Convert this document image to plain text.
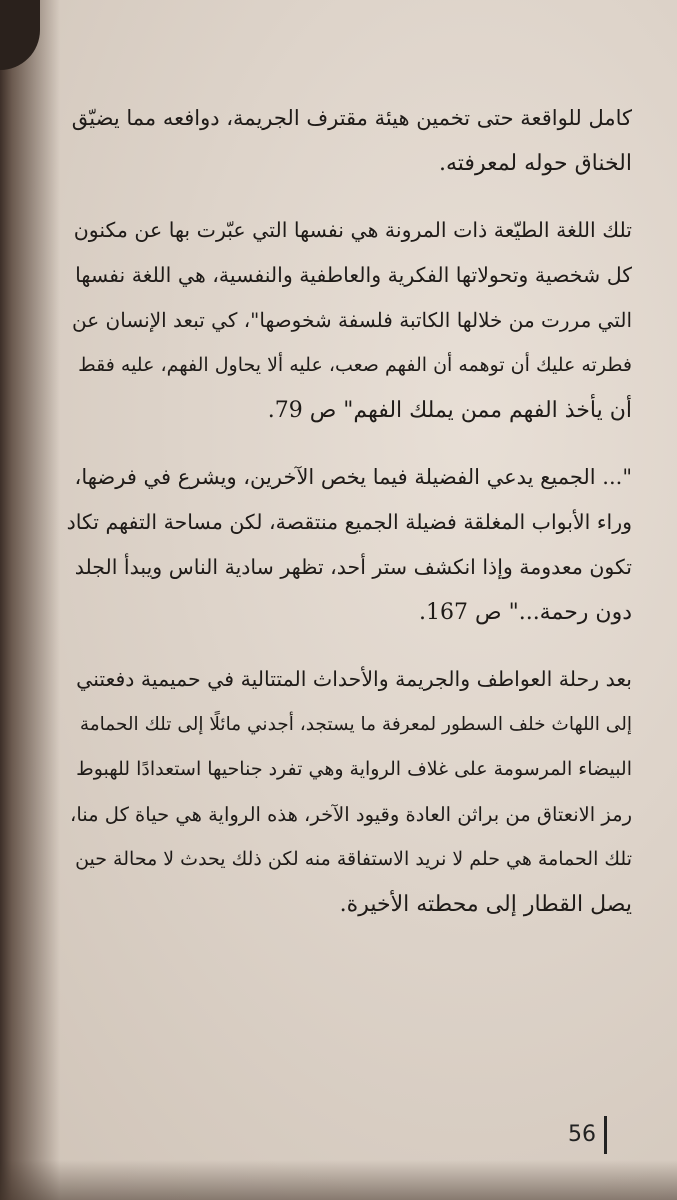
كامل للواقعة حتى تخمين هيئة مقترف الجريمة، دوافعه مما يضيّق
الخناق حوله لمعرفته.
تلك اللغة الطيّعة ذات المرونة هي نفسها التي عبّرت بها عن مكنون
كل شخصية وتحولاتها الفكرية والعاطفية والنفسية، هي اللغة نفسها
التي مررت من خلالها الكاتبة فلسفة شخوصها"، كي تبعد الإنسان عن
فطرته عليك أن توهمه أن الفهم صعب، عليه ألا يحاول الفهم، عليه فقط
أن يأخذ الفهم ممن يملك الفهم" ص 79.
"... الجميع يدعي الفضيلة فيما يخص الآخرين، ويشرع في فرضها،
وراء الأبواب المغلقة فضيلة الجميع منتقصة، لكن مساحة التفهم تكاد
تكون معدومة وإذا انكشف ستر أحد، تظهر سادية الناس ويبدأ الجلد
دون رحمة..." ص 167.
بعد رحلة العواطف والجريمة والأحداث المتتالية في حميمية دفعتني
إلى اللهاث خلف السطور لمعرفة ما يستجد، أجدني مائلًا إلى تلك الحمامة
البيضاء المرسومة على غلاف الرواية وهي تفرد جناحيها استعدادًا للهبوط
رمز الانعتاق من براثن العادة وقيود الآخر، هذه الرواية هي حياة كل منا،
تلك الحمامة هي حلم لا نريد الاستفاقة منه لكن ذلك يحدث لا محالة حين
يصل القطار إلى محطته الأخيرة.
56
